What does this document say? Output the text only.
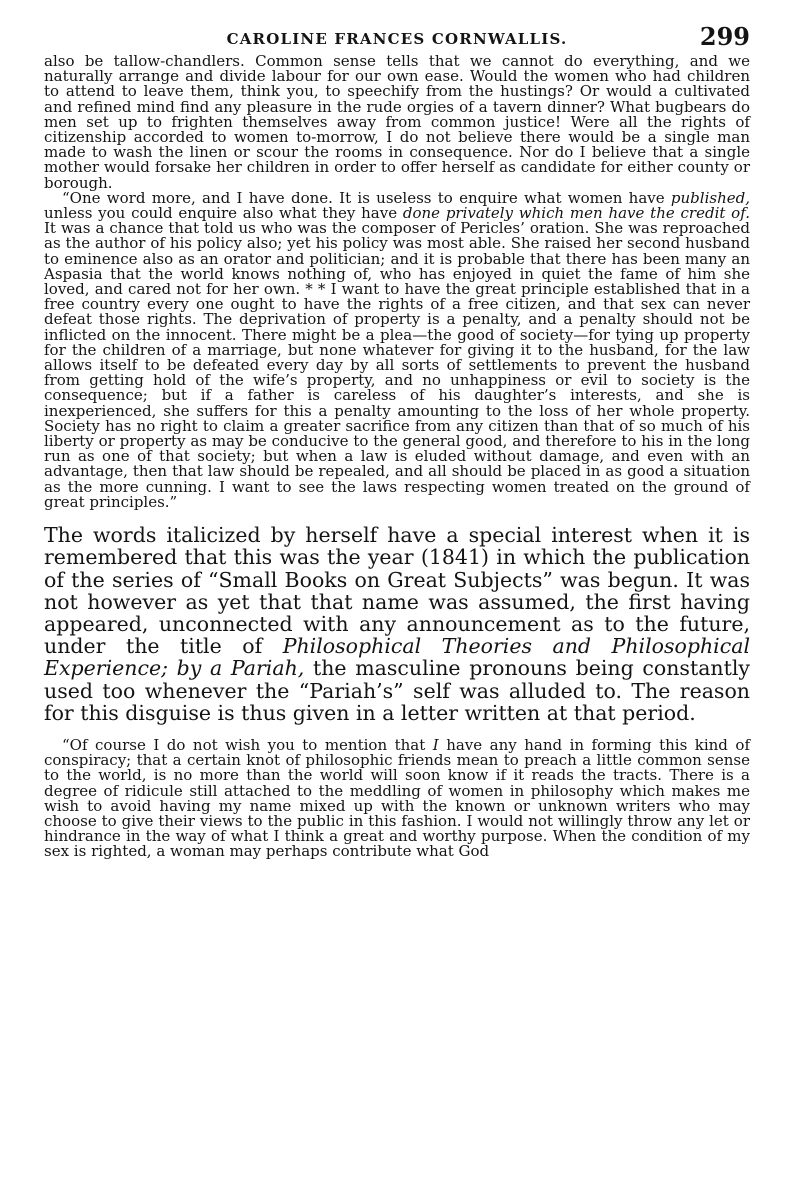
CAROLINE FRANCES CORNWALLIS.	299

also be tallow-chandlers. Common sense tells that we cannot do everything, and we naturally arrange and divide labour for our own ease. Would the women who had children to attend to leave them, think you, to speechify from the hustings? Or would a cultivated and refined mind find any pleasure in the rude orgies of a tavern dinner? What bugbears do men set up to frighten themselves away from common justice! Were all the rights of citizenship accorded to women to-morrow, I do not believe there would be a single man made to wash the linen or scour the rooms in consequence. Nor do I believe that a single mother would forsake her children in order to offer herself as candidate for either county or borough.

“One word more, and I have done. It is useless to enquire what women have published, unless you could enquire also what they have done privately which men have the credit of. It was a chance that told us who was the composer of Pericles’ oration. She was reproached as the author of his policy also; yet his policy was most able. She raised her second husband to eminence also as an orator and politician; and it is probable that there has been many an Aspasia that the world knows nothing of, who has enjoyed in quiet the fame of him she loved, and cared not for her own. * * I want to have the great principle established that in a free country every one ought to have the rights of a free citizen, and that sex can never defeat those rights. The deprivation of property is a penalty, and a penalty should not be inflicted on the innocent. There might be a plea—the good of society—for tying up property for the children of a marriage, but none whatever for giving it to the husband, for the law allows itself to be defeated every day by all sorts of settlements to prevent the husband from getting hold of the wife’s property, and no unhappiness or evil to society is the consequence; but if a father is careless of his daughter’s interests, and she is inexperienced, she suffers for this a penalty amounting to the loss of her whole property. Society has no right to claim a greater sacrifice from any citizen than that of so much of his liberty or property as may be conducive to the general good, and therefore to his in the long run as one of that society; but when a law is eluded without damage, and even with an advantage, then that law should be repealed, and all should be placed in as good a situation as the more cunning. I want to see the laws respecting women treated on the ground of great principles.”

The words italicized by herself have a special interest when it is remembered that this was the year (1841) in which the publication of the series of “Small Books on Great Subjects” was begun. It was not however as yet that that name was assumed, the first having appeared, unconnected with any announcement as to the future, under the title of Philosophical Theories and Philosophical Experience; by a Pariah, the masculine pronouns being constantly used too whenever the “Pariah’s” self was alluded to. The reason for this disguise is thus given in a letter written at that period.

“Of course I do not wish you to mention that I have any hand in forming this kind of conspiracy; that a certain knot of philosophic friends mean to preach a little common sense to the world, is no more than the world will soon know if it reads the tracts. There is a degree of ridicule still attached to the meddling of women in philosophy which makes me wish to avoid having my name mixed up with the known or unknown writers who may choose to give their views to the public in this fashion. I would not willingly throw any let or hindrance in the way of what I think a great and worthy purpose. When the condition of my sex is righted, a woman may perhaps contribute what God
